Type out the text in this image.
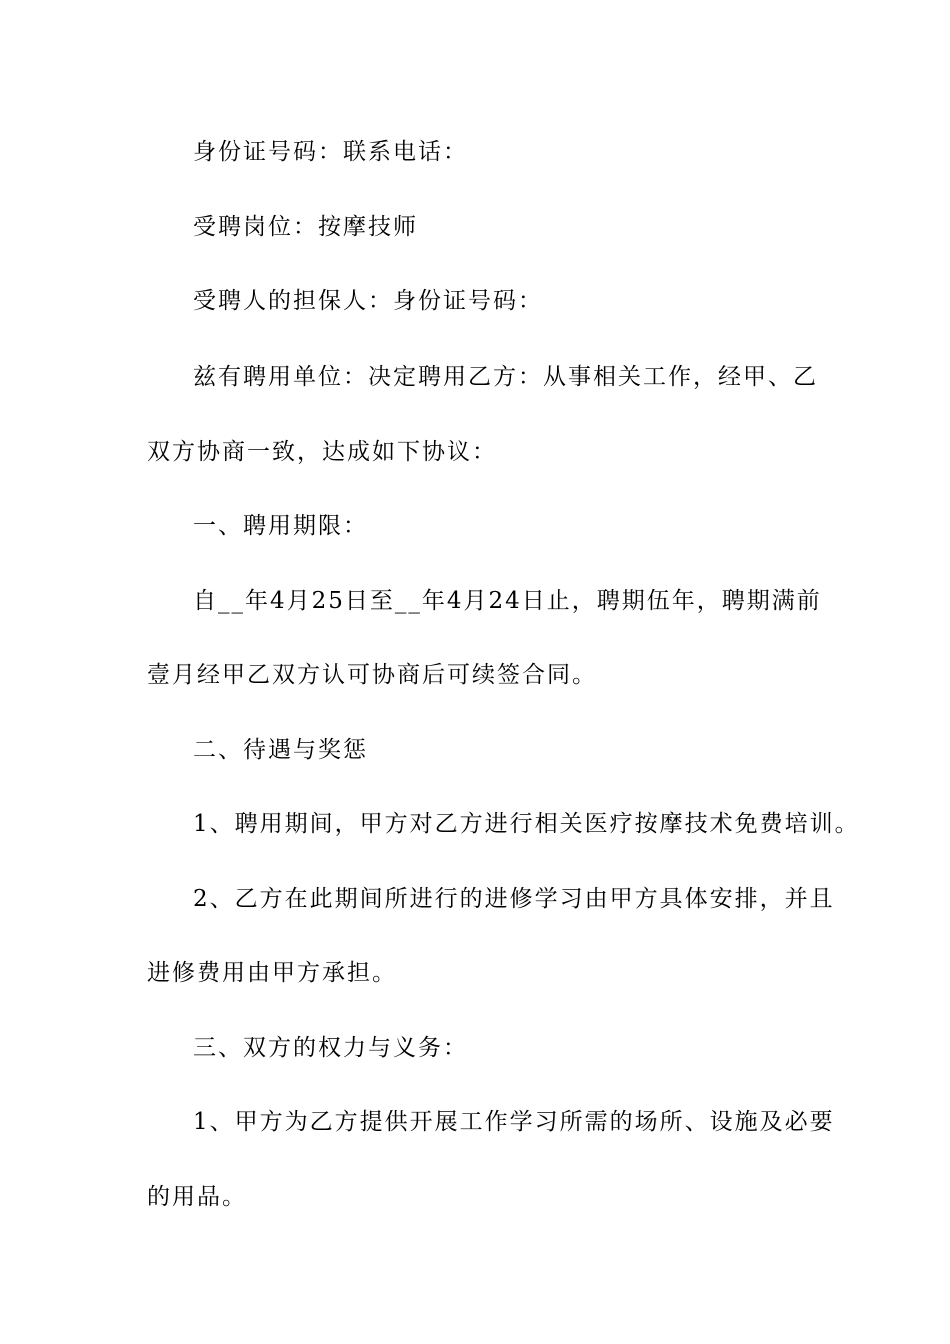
身份证号码：联系电话：
受聘岗位：按摩技师
受聘人的担保人：身份证号码：
兹有聘用单位：决定聘用乙方：从事相关工作，经甲、乙
双方协商一致，达成如下协议：
一、聘用期限：
自__年4月25日至__年4月24日止，聘期伍年，聘期满前
壹月经甲乙双方认可协商后可续签合同。
二、待遇与奖惩
1、聘用期间，甲方对乙方进行相关医疗按摩技术免费培训。
2、乙方在此期间所进行的进修学习由甲方具体安排，并且
进修费用由甲方承担。
三、双方的权力与义务：
1、甲方为乙方提供开展工作学习所需的场所、设施及必要
的用品。
